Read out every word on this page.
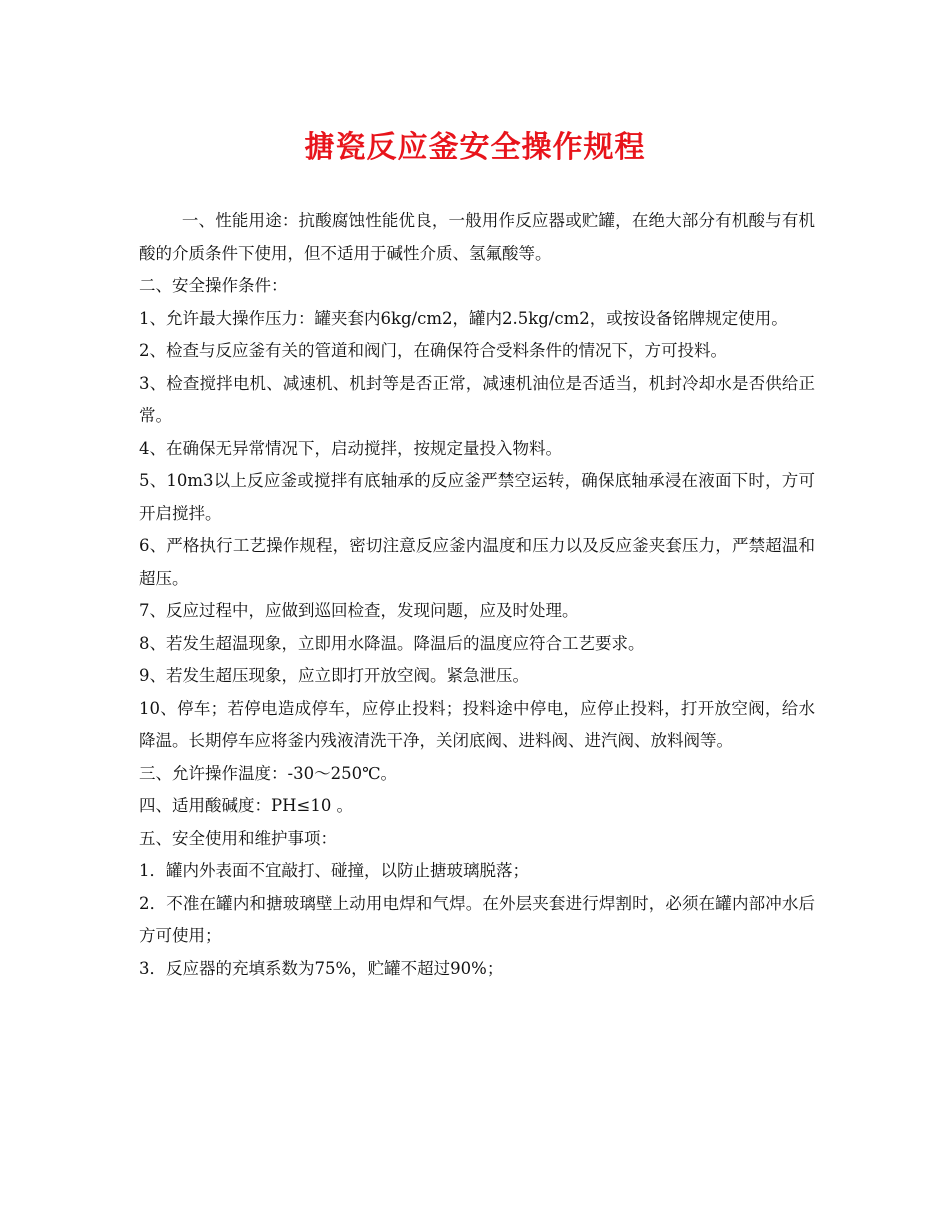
搪瓷反应釜安全操作规程

一、性能用途：抗酸腐蚀性能优良，一般用作反应器或贮罐，在绝大部分有机酸与有机酸的介质条件下使用，但不适用于碱性介质、氢氟酸等。

二、安全操作条件：

1、允许最大操作压力：罐夹套内6kg/cm2，罐内2.5kg/cm2，或按设备铭牌规定使用。

2、检查与反应釜有关的管道和阀门，在确保符合受料条件的情况下，方可投料。

3、检查搅拌电机、减速机、机封等是否正常，减速机油位是否适当，机封冷却水是否供给正常。

4、在确保无异常情况下，启动搅拌，按规定量投入物料。

5、10m3以上反应釜或搅拌有底轴承的反应釜严禁空运转，确保底轴承浸在液面下时，方可开启搅拌。

6、严格执行工艺操作规程，密切注意反应釜内温度和压力以及反应釜夹套压力，严禁超温和超压。

7、反应过程中，应做到巡回检查，发现问题，应及时处理。

8、若发生超温现象，立即用水降温。降温后的温度应符合工艺要求。

9、若发生超压现象，应立即打开放空阀。紧急泄压。

10、停车；若停电造成停车，应停止投料；投料途中停电，应停止投料，打开放空阀，给水降温。长期停车应将釜内残液清洗干净，关闭底阀、进料阀、进汽阀、放料阀等。

三、允许操作温度：-30～250℃。

四、适用酸碱度：PH≤10 。

五、安全使用和维护事项：

1．罐内外表面不宜敲打、碰撞，以防止搪玻璃脱落；

2．不准在罐内和搪玻璃壁上动用电焊和气焊。在外层夹套进行焊割时，必须在罐内部冲水后方可使用；

3．反应器的充填系数为75%，贮罐不超过90%；
